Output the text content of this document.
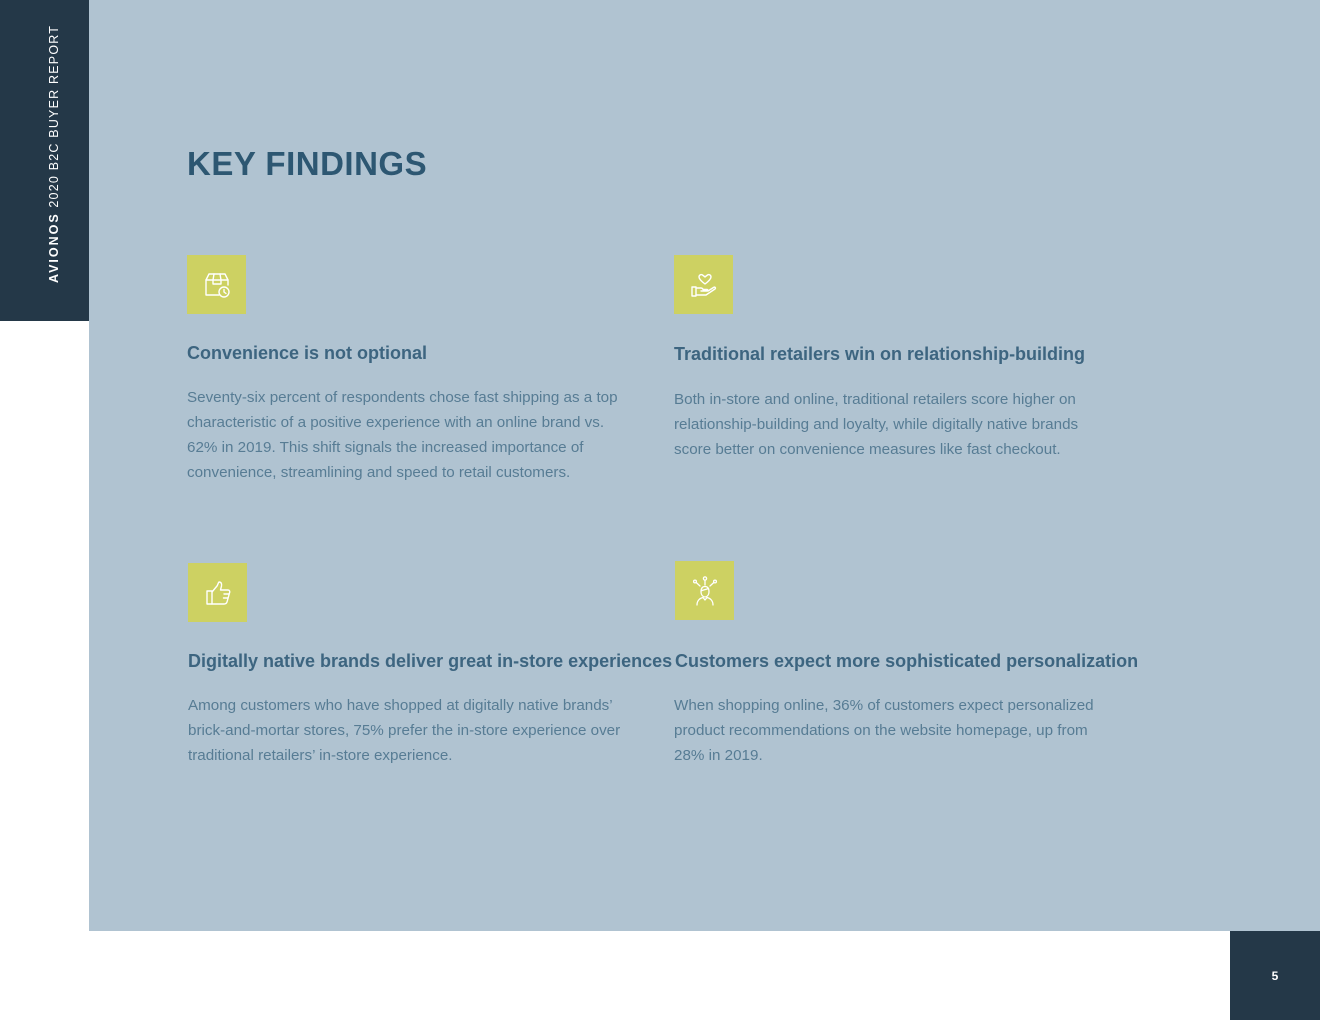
AVIONOS 2020 B2C BUYER REPORT	KEY FINDINGS
Convenience is not optional

Seventy-six percent of respondents chose fast shipping as a top characteristic of a positive experience with an online brand vs. 62% in 2019. This shift signals the increased importance of convenience, streamlining and speed to retail customers.

Traditional retailers win on relationship-building

Both in-store and online, traditional retailers score higher on relationship-building and loyalty, while digitally native brands score better on convenience measures like fast checkout.

Digitally native brands deliver great in-store experiences

Among customers who have shopped at digitally native brands’ brick-and-mortar stores, 75% prefer the in-store experience over traditional retailers’ in-store experience.

Customers expect more sophisticated personalization

When shopping online, 36% of customers expect personalized product recommendations on the website homepage, up from 28% in 2019.

5
